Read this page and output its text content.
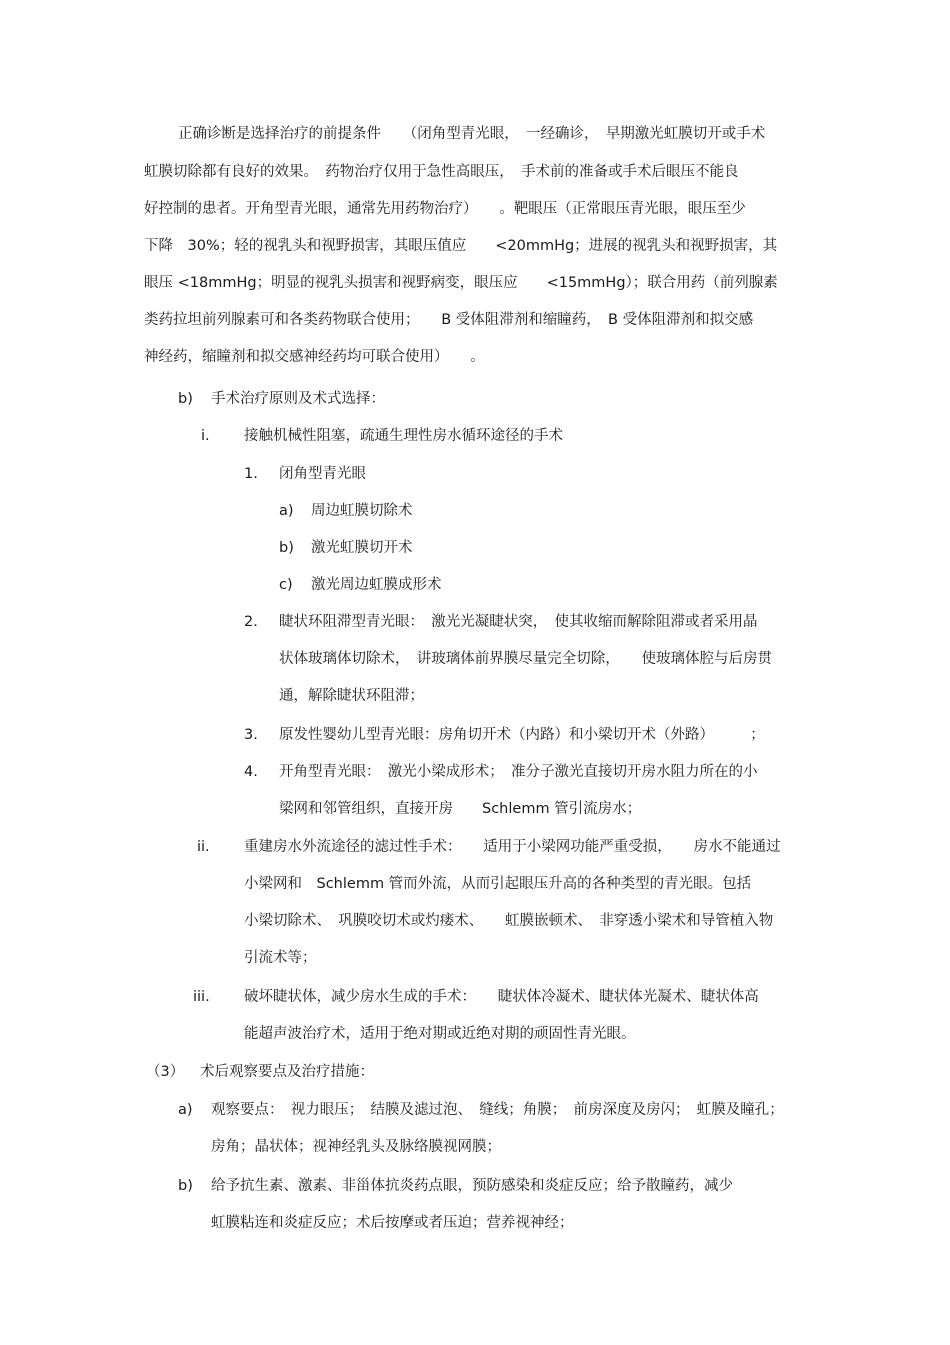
正确诊断是选择治疗的前提条件　　（闭角型青光眼，　一经确诊，　早期激光虹膜切开或手术
虹膜切除都有良好的效果。　药物治疗仅用于急性高眼压，　手术前的准备或手术后眼压不能良
好控制的患者。开角型青光眼，通常先用药物治疗）　　。靶眼压（正常眼压青光眼，眼压至少
下降　30%；轻的视乳头和视野损害，其眼压值应　　<20mmHg；进展的视乳头和视野损害，其
眼压 <18mmHg；明显的视乳头损害和视野病变，眼压应　　<15mmHg）；联合用药（前列腺素
类药拉坦前列腺素可和各类药物联合使用；　　Β 受体阻滞剂和缩瞳药，　Β 受体阻滞剂和拟交感
神经药，缩瞳剂和拟交感神经药均可联合使用）　　。
b) 手术治疗原则及术式选择：
i. 接触机械性阻塞，疏通生理性房水循环途径的手术
1. 闭角型青光眼
a) 周边虹膜切除术
b) 激光虹膜切开术
c) 激光周边虹膜成形术
2. 睫状环阻滞型青光眼：　激光光凝睫状突，　使其收缩而解除阻滞或者采用晶
状体玻璃体切除术，　讲玻璃体前界膜尽量完全切除，　　使玻璃体腔与后房贯
通，解除睫状环阻滞；
3. 原发性婴幼儿型青光眼：房角切开术（内路）和小梁切开术（外路）　　　；
4. 开角型青光眼：　激光小梁成形术；　准分子激光直接切开房水阻力所在的小
梁网和邻管组织，直接开房　　Schlemm 管引流房水；
ii. 重建房水外流途径的滤过性手术：　　适用于小梁网功能严重受损，　　房水不能通过
小梁网和　Schlemm 管而外流，从而引起眼压升高的各种类型的青光眼。包括
小梁切除术、　巩膜咬切术或灼瘘术、　　虹膜嵌顿术、　非穿透小梁术和导管植入物
引流术等；
iii. 破坏睫状体，减少房水生成的手术：　　睫状体冷凝术、睫状体光凝术、睫状体高
能超声波治疗术，适用于绝对期或近绝对期的顽固性青光眼。
（3） 术后观察要点及治疗措施：
a) 观察要点：　视力眼压；　结膜及滤过泡、　缝线；角膜；　前房深度及房闪；　虹膜及瞳孔；
房角；晶状体；视神经乳头及脉络膜视网膜；
b) 给予抗生素、激素、非甾体抗炎药点眼，预防感染和炎症反应；给予散瞳药，减少
虹膜粘连和炎症反应；术后按摩或者压迫；营养视神经；
